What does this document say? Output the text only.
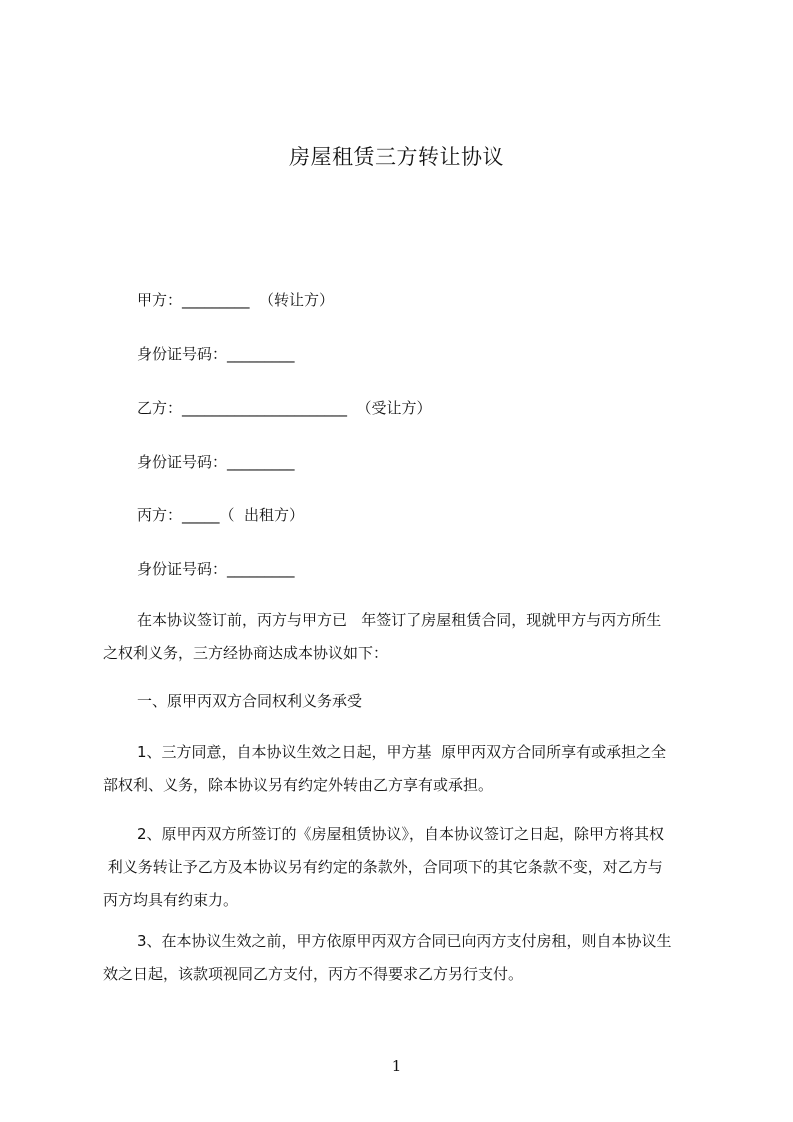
房屋租赁三方转让协议
甲方：_________  （转让方）
身份证号码：_________
乙方：______________________  （受让方）
身份证号码：_________
丙方：_____（  出租方）
身份证号码：_________
在本协议签订前，丙方与甲方已   年签订了房屋租赁合同，现就甲方与丙方所生
之权利义务，三方经协商达成本协议如下：
一、原甲丙双方合同权利义务承受
1、三方同意，自本协议生效之日起，甲方基  原甲丙双方合同所享有或承担之全
部权利、义务，除本协议另有约定外转由乙方享有或承担。
2、原甲丙双方所签订的《房屋租赁协议》，自本协议签订之日起，除甲方将其权
利义务转让予乙方及本协议另有约定的条款外，合同项下的其它条款不变，对乙方与
丙方均具有约束力。
3、在本协议生效之前，甲方依原甲丙双方合同已向丙方支付房租，则自本协议生
效之日起，该款项视同乙方支付，丙方不得要求乙方另行支付。
1
